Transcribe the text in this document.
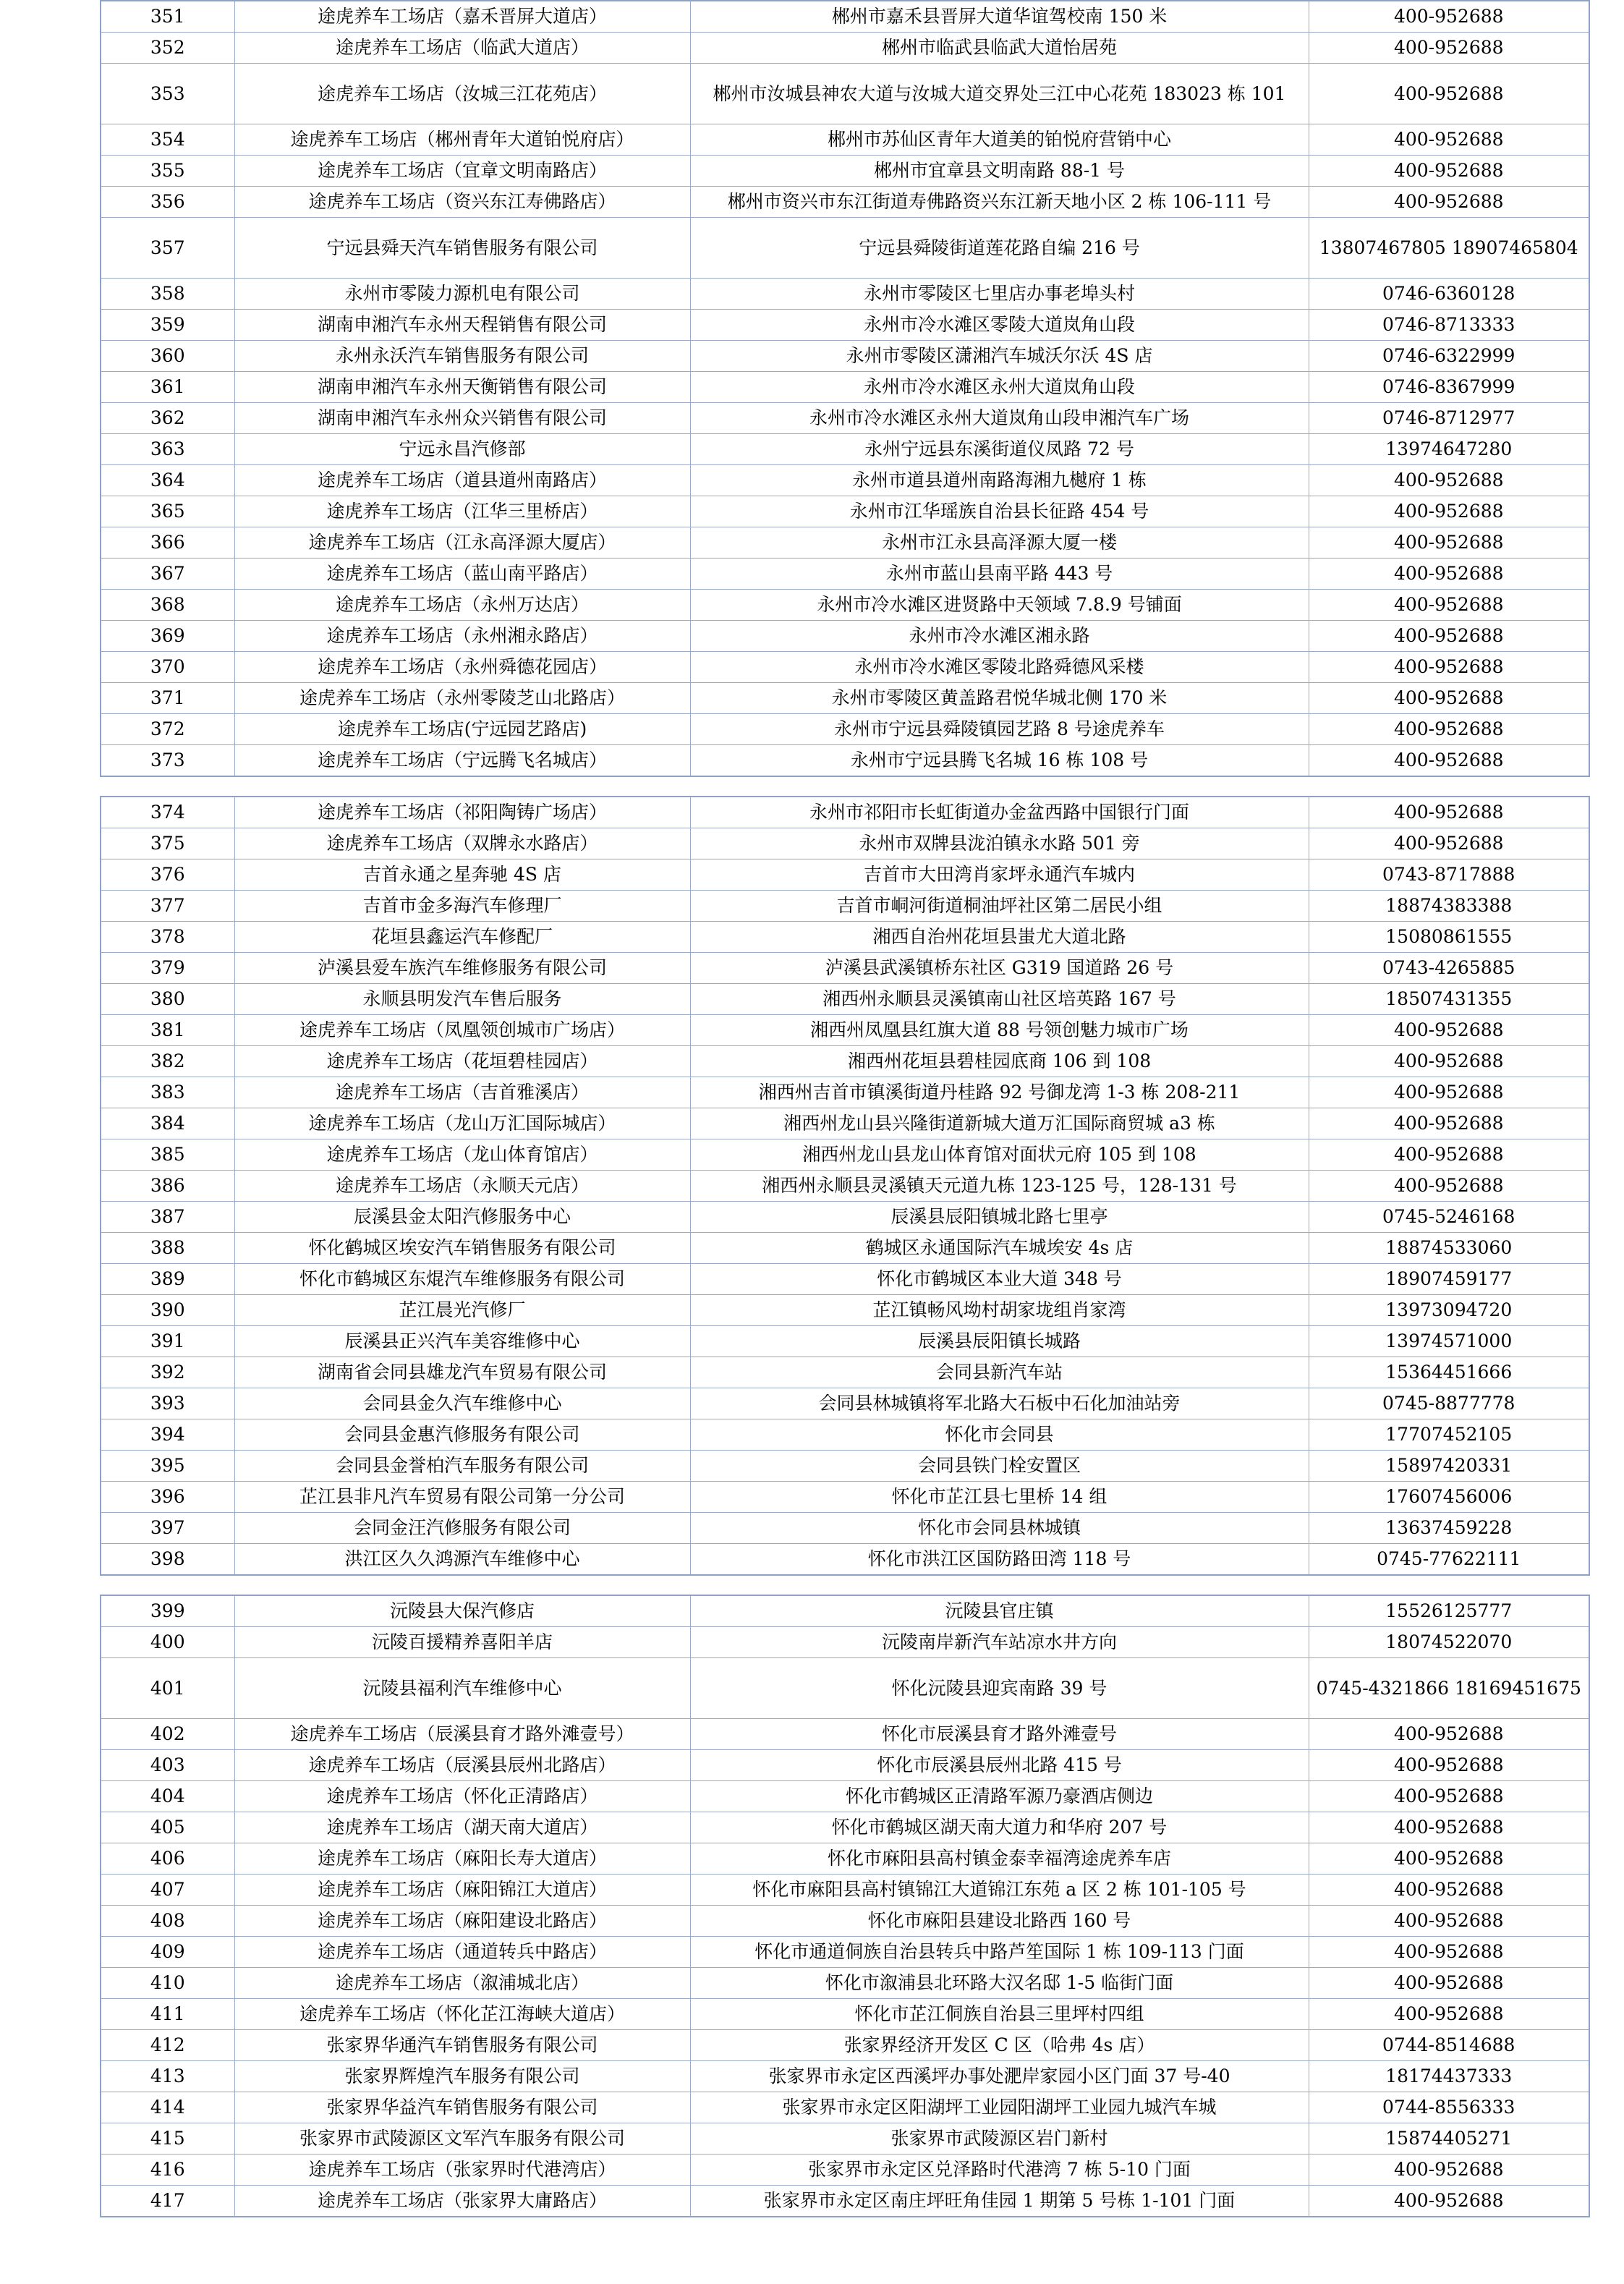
351	途虎养车工场店（嘉禾晋屏大道店）	郴州市嘉禾县晋屏大道华谊驾校南 150 米	400-952688
352	途虎养车工场店（临武大道店）	郴州市临武县临武大道怡居苑	400-952688
353	途虎养车工场店（汝城三江花苑店）	郴州市汝城县神农大道与汝城大道交界处三江中心花苑 183023 栋 101	400-952688
354	途虎养车工场店（郴州青年大道铂悦府店）	郴州市苏仙区青年大道美的铂悦府营销中心	400-952688
355	途虎养车工场店（宜章文明南路店）	郴州市宜章县文明南路 88-1 号	400-952688
356	途虎养车工场店（资兴东江寿佛路店）	郴州市资兴市东江街道寿佛路资兴东江新天地小区 2 栋 106-111 号	400-952688
357	宁远县舜天汽车销售服务有限公司	宁远县舜陵街道莲花路自编 216 号	13807467805 18907465804
358	永州市零陵力源机电有限公司	永州市零陵区七里店办事老埠头村	0746-6360128
359	湖南申湘汽车永州天程销售有限公司	永州市冷水滩区零陵大道岚角山段	0746-8713333
360	永州永沃汽车销售服务有限公司	永州市零陵区潇湘汽车城沃尔沃 4S 店	0746-6322999
361	湖南申湘汽车永州天衡销售有限公司	永州市冷水滩区永州大道岚角山段	0746-8367999
362	湖南申湘汽车永州众兴销售有限公司	永州市冷水滩区永州大道岚角山段申湘汽车广场	0746-8712977
363	宁远永昌汽修部	永州宁远县东溪街道仪凤路 72 号	13974647280
364	途虎养车工场店（道县道州南路店）	永州市道县道州南路海湘九樾府 1 栋	400-952688
365	途虎养车工场店（江华三里桥店）	永州市江华瑶族自治县长征路 454 号	400-952688
366	途虎养车工场店（江永高泽源大厦店）	永州市江永县高泽源大厦一楼	400-952688
367	途虎养车工场店（蓝山南平路店）	永州市蓝山县南平路 443 号	400-952688
368	途虎养车工场店（永州万达店）	永州市冷水滩区进贤路中天领域 7.8.9 号铺面	400-952688
369	途虎养车工场店（永州湘永路店）	永州市冷水滩区湘永路	400-952688
370	途虎养车工场店（永州舜德花园店）	永州市冷水滩区零陵北路舜德风采楼	400-952688
371	途虎养车工场店（永州零陵芝山北路店）	永州市零陵区黄盖路君悦华城北侧 170 米	400-952688
372	途虎养车工场店(宁远园艺路店)	永州市宁远县舜陵镇园艺路 8 号途虎养车	400-952688
373	途虎养车工场店（宁远腾飞名城店）	永州市宁远县腾飞名城 16 栋 108 号	400-952688
374	途虎养车工场店（祁阳陶铸广场店）	永州市祁阳市长虹街道办金盆西路中国银行门面	400-952688
375	途虎养车工场店（双牌永水路店）	永州市双牌县泷泊镇永水路 501 旁	400-952688
376	吉首永通之星奔驰 4S 店	吉首市大田湾肖家坪永通汽车城内	0743-8717888
377	吉首市金多海汽车修理厂	吉首市峒河街道桐油坪社区第二居民小组	18874383388
378	花垣县鑫运汽车修配厂	湘西自治州花垣县蚩尤大道北路	15080861555
379	泸溪县爱车族汽车维修服务有限公司	泸溪县武溪镇桥东社区 G319 国道路 26 号	0743-4265885
380	永顺县明发汽车售后服务	湘西州永顺县灵溪镇南山社区培英路 167 号	18507431355
381	途虎养车工场店（凤凰领创城市广场店）	湘西州凤凰县红旗大道 88 号领创魅力城市广场	400-952688
382	途虎养车工场店（花垣碧桂园店）	湘西州花垣县碧桂园底商 106 到 108	400-952688
383	途虎养车工场店（吉首雅溪店）	湘西州吉首市镇溪街道丹桂路 92 号御龙湾 1-3 栋 208-211	400-952688
384	途虎养车工场店（龙山万汇国际城店）	湘西州龙山县兴隆街道新城大道万汇国际商贸城 a3 栋	400-952688
385	途虎养车工场店（龙山体育馆店）	湘西州龙山县龙山体育馆对面状元府 105 到 108	400-952688
386	途虎养车工场店（永顺天元店）	湘西州永顺县灵溪镇天元道九栋 123-125 号，128-131 号	400-952688
387	辰溪县金太阳汽修服务中心	辰溪县辰阳镇城北路七里亭	0745-5246168
388	怀化鹤城区埃安汽车销售服务有限公司	鹤城区永通国际汽车城埃安 4s 店	18874533060
389	怀化市鹤城区东焜汽车维修服务有限公司	怀化市鹤城区本业大道 348 号	18907459177
390	芷江晨光汽修厂	芷江镇畅风坳村胡家垅组肖家湾	13973094720
391	辰溪县正兴汽车美容维修中心	辰溪县辰阳镇长城路	13974571000
392	湖南省会同县雄龙汽车贸易有限公司	会同县新汽车站	15364451666
393	会同县金久汽车维修中心	会同县林城镇将军北路大石板中石化加油站旁	0745-8877778
394	会同县金惠汽修服务有限公司	怀化市会同县	17707452105
395	会同县金誉柏汽车服务有限公司	会同县铁门栓安置区	15897420331
396	芷江县非凡汽车贸易有限公司第一分公司	怀化市芷江县七里桥 14 组	17607456006
397	会同金汪汽修服务有限公司	怀化市会同县林城镇	13637459228
398	洪江区久久鸿源汽车维修中心	怀化市洪江区国防路田湾 118 号	0745-77622111
399	沅陵县大保汽修店	沅陵县官庄镇	15526125777
400	沅陵百援精养喜阳羊店	沅陵南岸新汽车站凉水井方向	18074522070
401	沅陵县福利汽车维修中心	怀化沅陵县迎宾南路 39 号	0745-4321866 18169451675
402	途虎养车工场店（辰溪县育才路外滩壹号）	怀化市辰溪县育才路外滩壹号	400-952688
403	途虎养车工场店（辰溪县辰州北路店）	怀化市辰溪县辰州北路 415 号	400-952688
404	途虎养车工场店（怀化正清路店）	怀化市鹤城区正清路军源乃豪酒店侧边	400-952688
405	途虎养车工场店（湖天南大道店）	怀化市鹤城区湖天南大道力和华府 207 号	400-952688
406	途虎养车工场店（麻阳长寿大道店）	怀化市麻阳县高村镇金泰幸福湾途虎养车店	400-952688
407	途虎养车工场店（麻阳锦江大道店）	怀化市麻阳县高村镇锦江大道锦江东苑 a 区 2 栋 101-105 号	400-952688
408	途虎养车工场店（麻阳建设北路店）	怀化市麻阳县建设北路西 160 号	400-952688
409	途虎养车工场店（通道转兵中路店）	怀化市通道侗族自治县转兵中路芦笙国际 1 栋 109-113 门面	400-952688
410	途虎养车工场店（溆浦城北店）	怀化市溆浦县北环路大汉名邸 1-5 临街门面	400-952688
411	途虎养车工场店（怀化芷江海峡大道店）	怀化市芷江侗族自治县三里坪村四组	400-952688
412	张家界华通汽车销售服务有限公司	张家界经济开发区 C 区（哈弗 4s 店）	0744-8514688
413	张家界辉煌汽车服务有限公司	张家界市永定区西溪坪办事处淝岸家园小区门面 37 号-40	18174437333
414	张家界华益汽车销售服务有限公司	张家界市永定区阳湖坪工业园阳湖坪工业园九城汽车城	0744-8556333
415	张家界市武陵源区文军汽车服务有限公司	张家界市武陵源区岩门新村	15874405271
416	途虎养车工场店（张家界时代港湾店）	张家界市永定区兑泽路时代港湾 7 栋 5-10 门面	400-952688
417	途虎养车工场店（张家界大庸路店）	张家界市永定区南庄坪旺角佳园 1 期第 5 号栋 1-101 门面	400-952688
